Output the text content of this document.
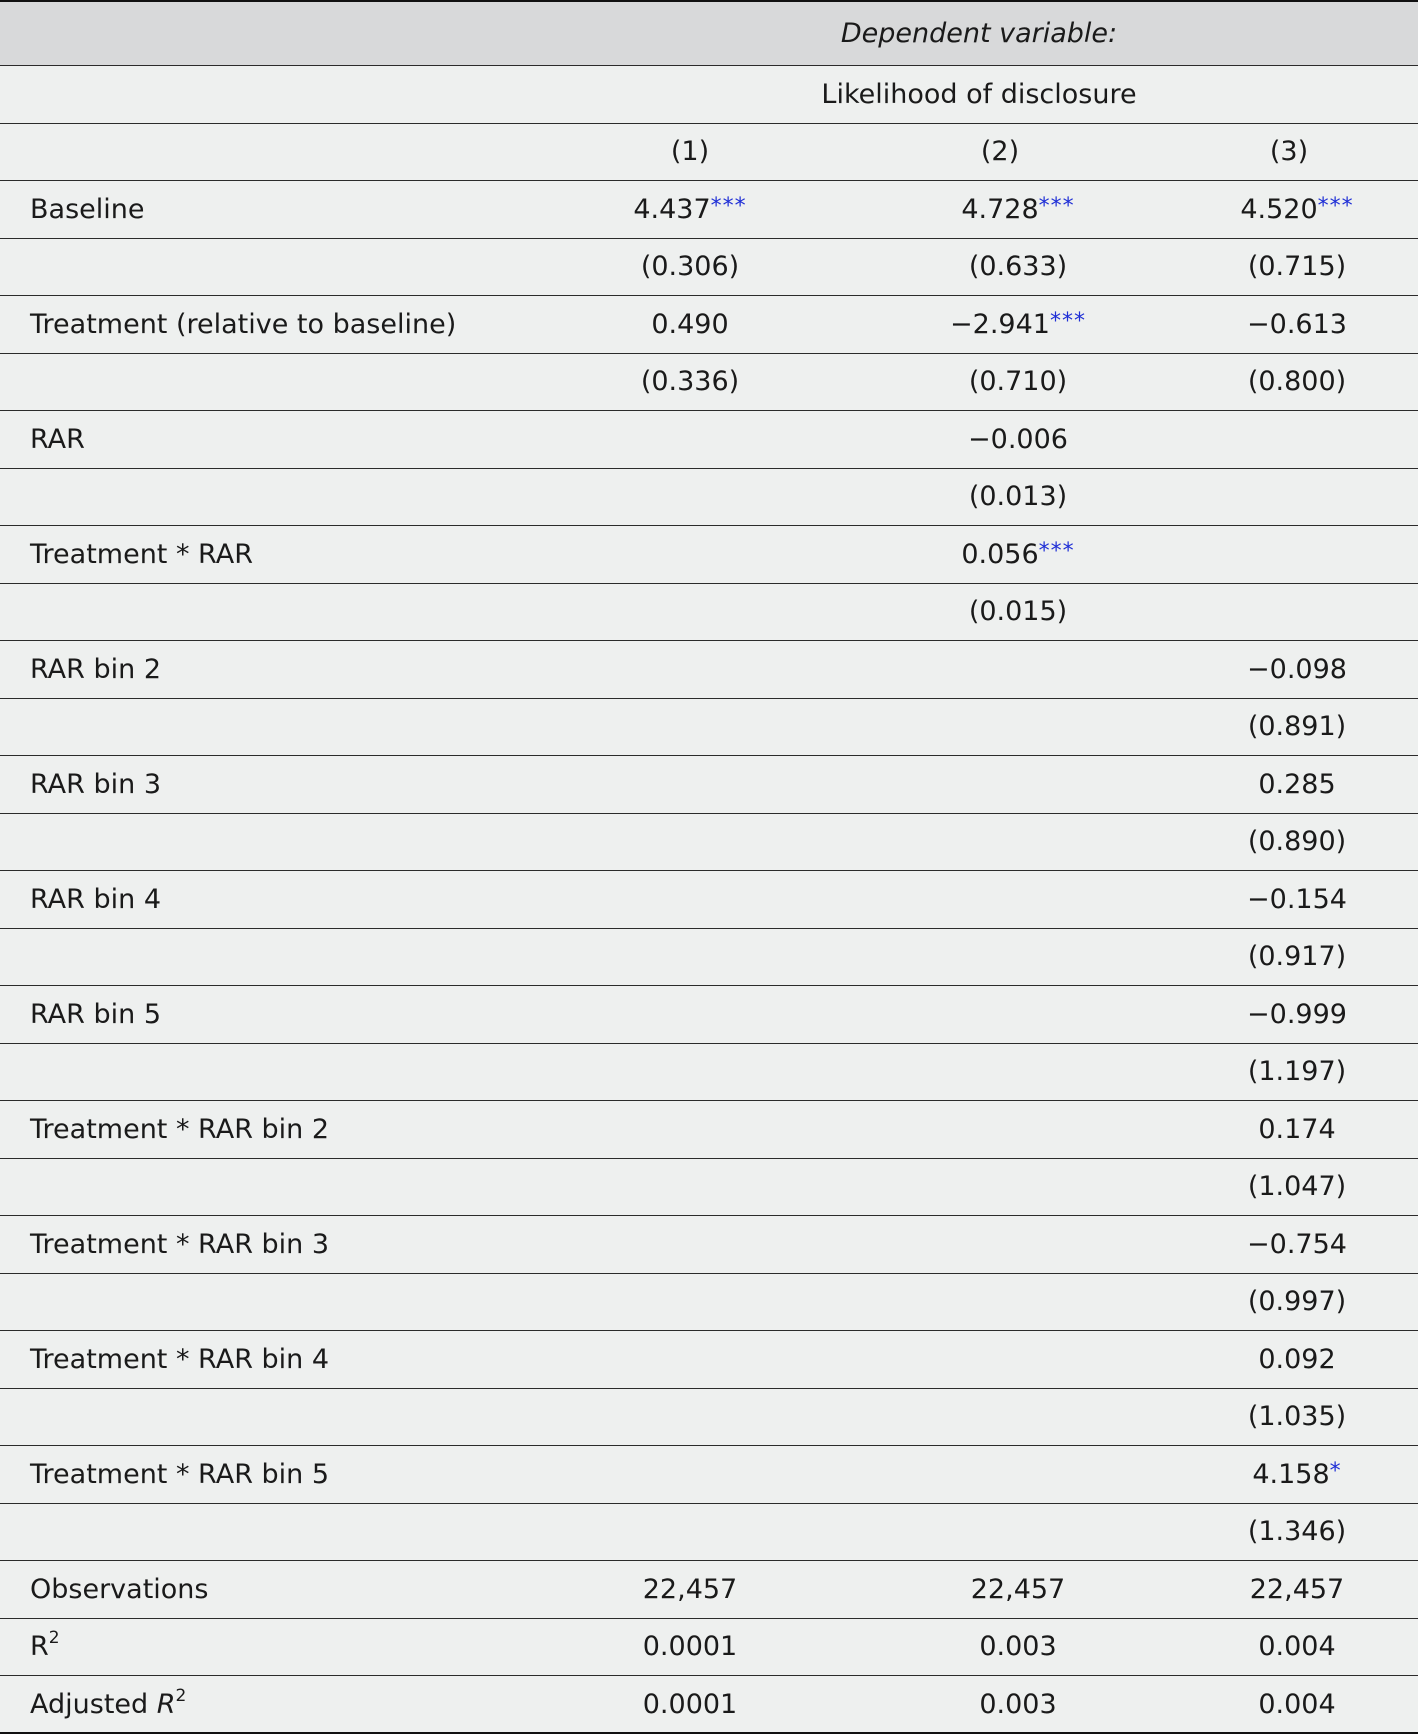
	Dependent variable:		
	Likelihood of disclosure		
	(1)	(2)	(3)
Baseline	4.437***	4.728***	4.520***
	(0.306)	(0.633)	(0.715)
Treatment (relative to baseline)	0.490	−2.941***	−0.613
	(0.336)	(0.710)	(0.800)
RAR		−0.006	
		(0.013)	
Treatment * RAR		0.056***	
		(0.015)	
RAR bin 2			−0.098
			(0.891)
RAR bin 3			0.285
			(0.890)
RAR bin 4			−0.154
			(0.917)
RAR bin 5			−0.999
			(1.197)
Treatment * RAR bin 2			0.174
			(1.047)
Treatment * RAR bin 3			−0.754
			(0.997)
Treatment * RAR bin 4			0.092
			(1.035)
Treatment * RAR bin 5			4.158*
			(1.346)
Observations	22,457	22,457	22,457
$R^2$	0.0001	0.003	0.004
Adjusted $R^2$	0.0001	0.003	0.004
